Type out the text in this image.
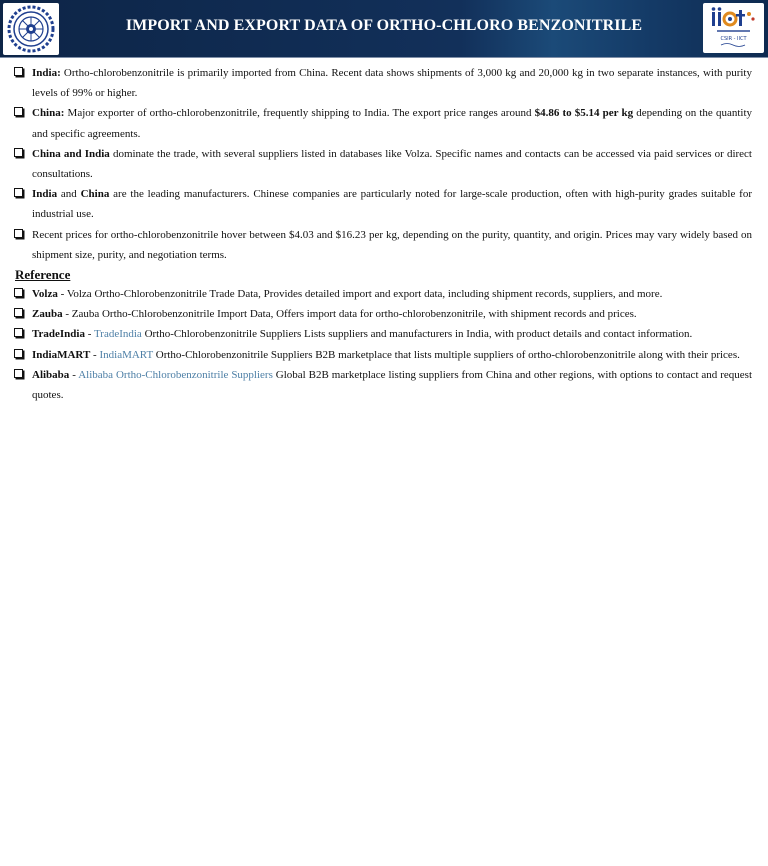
IMPORT AND EXPORT DATA OF ORTHO-CHLORO BENZONITRILE
CSIR - IICT
India: Ortho-chlorobenzonitrile is primarily imported from China. Recent data shows shipments of 3,000 kg and 20,000 kg in two separate instances, with purity levels of 99% or higher.
China: Major exporter of ortho-chlorobenzonitrile, frequently shipping to India. The export price ranges around $4.86 to $5.14 per kg depending on the quantity and specific agreements.
China and India dominate the trade, with several suppliers listed in databases like Volza. Specific names and contacts can be accessed via paid services or direct consultations.
India and China are the leading manufacturers. Chinese companies are particularly noted for large-scale production, often with high-purity grades suitable for industrial use.
Recent prices for ortho-chlorobenzonitrile hover between $4.03 and $16.23 per kg, depending on the purity, quantity, and origin. Prices may vary widely based on shipment size, purity, and negotiation terms.
Reference
Volza - Volza Ortho-Chlorobenzonitrile Trade Data, Provides detailed import and export data, including shipment records, suppliers, and more.
Zauba - Zauba Ortho-Chlorobenzonitrile Import Data, Offers import data for ortho-chlorobenzonitrile, with shipment records and prices.
TradeIndia - TradeIndia Ortho-Chlorobenzonitrile Suppliers Lists suppliers and manufacturers in India, with product details and contact information.
IndiaMART - IndiaMART Ortho-Chlorobenzonitrile Suppliers B2B marketplace that lists multiple suppliers of ortho-chlorobenzonitrile along with their prices.
Alibaba - Alibaba Ortho-Chlorobenzonitrile Suppliers Global B2B marketplace listing suppliers from China and other regions, with options to contact and request quotes.
